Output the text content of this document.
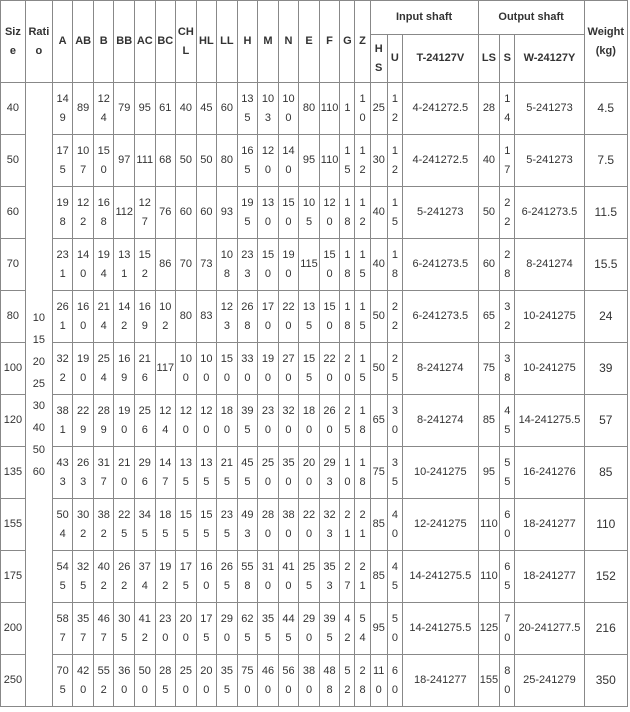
Size	Ratio	A	AB	B	BB	AC	BC	CHL	HL	LL	H	M	N	E	F	G	Z	Input shaft			Output shaft			Weight(kg)
																		HS	U	T-24127V	LS	S	W-24127Y	
40	10 15 20 25 30 40 50 60	149	89	124	79	95	61	40	45	60	135	103	100	80	110	1	10	25	12	4-241272.5	28	14	5-241273	4.5
50		175	107	150	97	111	68	50	50	80	165	120	140	95	110	15	12	30	12	4-241272.5	40	17	5-241273	7.5
60		198	122	168	112	127	76	60	60	93	195	130	150	105	120	18	12	40	15	5-241273	50	22	6-241273.5	11.5
70		231	140	194	131	152	86	70	73	108	233	150	190	115	150	18	15	40	18	6-241273.5	60	28	8-241274	15.5
80		261	160	214	142	169	102	80	83	123	268	170	220	135	150	18	15	50	22	6-241273.5	65	32	10-241275	24
100		322	190	254	169	216	117	100	100	150	330	190	270	155	220	20	15	50	25	8-241274	75	38	10-241275	39
120		381	229	289	190	256	124	120	120	180	395	230	320	180	260	25	18	65	30	8-241274	85	45	14-241275.5	57
135		433	263	317	210	296	147	135	135	215	455	250	350	200	293	10	18	75	35	10-241275	95	55	16-241276	85
155		504	302	382	225	345	185	155	155	235	493	280	380	220	323	21	21	85	40	12-241275	110	60	18-241277	110
175		545	325	402	262	374	192	175	160	265	558	310	410	255	353	27	21	85	45	14-241275.5	110	65	18-241277	152
200		587	357	467	305	412	230	200	175	290	625	355	445	290	395	42	54	95	50	14-241275.5	125	70	20-241277.5	216
250		705	420	552	360	500	285	250	200	355	750	460	560	380	488	52	28	110	60	18-241277	155	80	25-241279	350
